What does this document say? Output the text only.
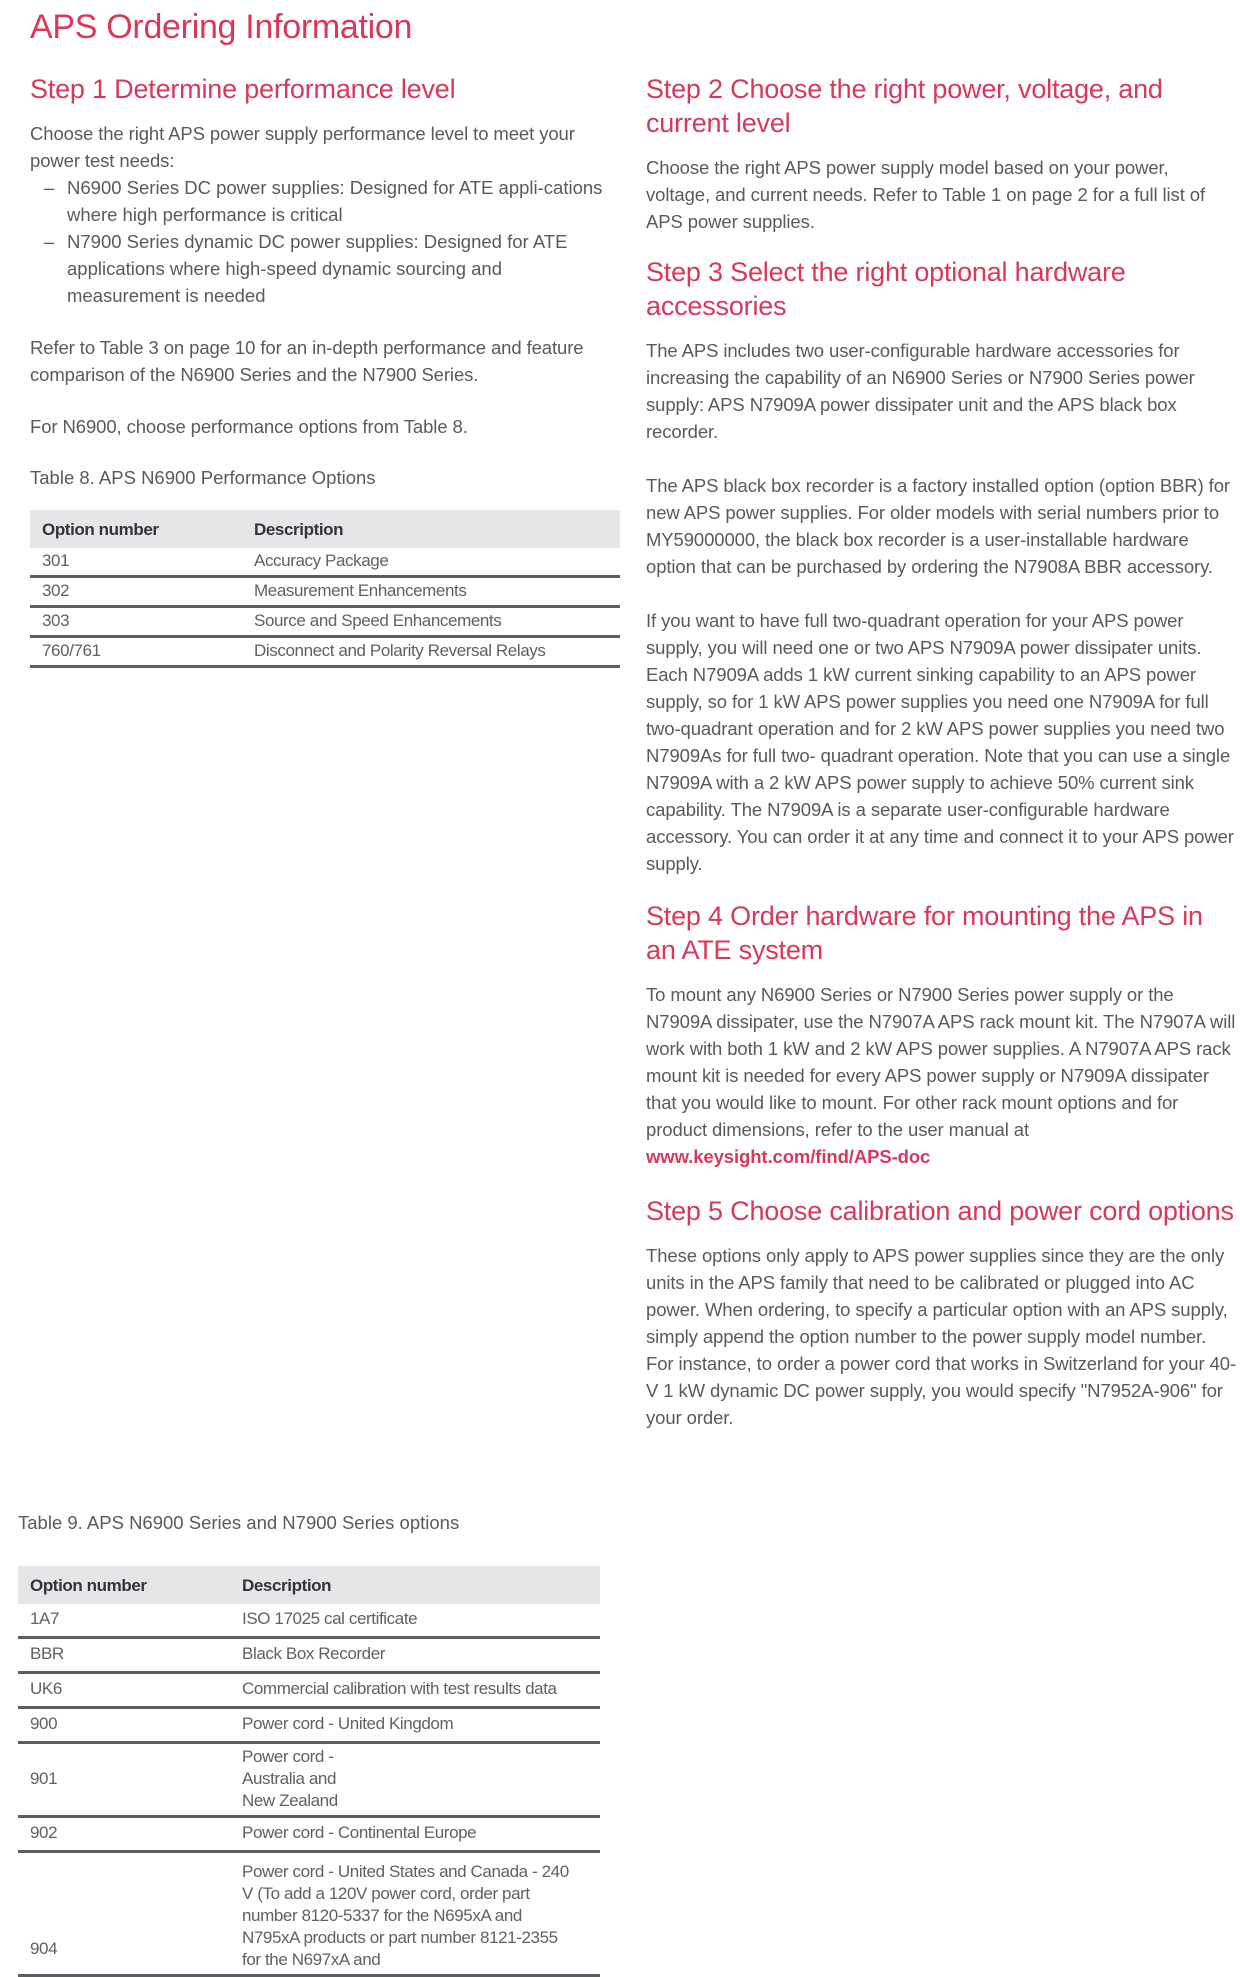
APS Ordering Information
Step 1 Determine performance level

Choose the right APS power supply performance level to meet your power test needs:

– N6900 Series DC power supplies: Designed for ATE appli-cations where high performance is critical
– N7900 Series dynamic DC power supplies: Designed for ATE applications where high-speed dynamic sourcing and measurement is needed

Refer to Table 3 on page 10 for an in-depth performance and feature comparison of the N6900 Series and the N7900 Series.

For N6900, choose performance options from Table 8.

Table 8. APS N6900 Performance Options

Option number	Description
301	Accuracy Package
302	Measurement Enhancements
303	Source and Speed Enhancements
760/761	Disconnect and Polarity Reversal Relays
Step 2 Choose the right power, voltage, and current level

Choose the right APS power supply model based on your power, voltage, and current needs. Refer to Table 1 on page 2 for a full list of APS power supplies.

Step 3 Select the right optional hardware accessories

The APS includes two user-configurable hardware accessories for increasing the capability of an N6900 Series or N7900 Series power supply: APS N7909A power dissipater unit and the APS black box recorder.

The APS black box recorder is a factory installed option (option BBR) for new APS power supplies. For older models with serial numbers prior to MY59000000, the black box recorder is a user-installable hardware option that can be purchased by ordering the N7908A BBR accessory.

If you want to have full two-quadrant operation for your APS power supply, you will need one or two APS N7909A power dissipater units. Each N7909A adds 1 kW current sinking capability to an APS power supply, so for 1 kW APS power supplies you need one N7909A for full two-quadrant operation and for 2 kW APS power supplies you need two N7909As for full two- quadrant operation. Note that you can use a single N7909A with a 2 kW APS power supply to achieve 50% current sink capability. The N7909A is a separate user-configurable hardware accessory. You can order it at any time and connect it to your APS power supply.

Step 4 Order hardware for mounting the APS in an ATE system

To mount any N6900 Series or N7900 Series power supply or the N7909A dissipater, use the N7907A APS rack mount kit. The N7907A will work with both 1 kW and 2 kW APS power supplies. A N7907A APS rack mount kit is needed for every APS power supply or N7909A dissipater that you would like to mount. For other rack mount options and for product dimensions, refer to the user manual at www.keysight.com/find/APS-doc

Step 5 Choose calibration and power cord options

These options only apply to APS power supplies since they are the only units in the APS family that need to be calibrated or plugged into AC power. When ordering, to specify a particular option with an APS supply, simply append the option number to the power supply model number. For instance, to order a power cord that works in Switzerland for your 40-V 1 kW dynamic DC power supply, you would specify "N7952A-906" for your order.

Table 9. APS N6900 Series and N7900 Series options

Option number	Description
1A7	ISO 17025 cal certificate
BBR	Black Box Recorder
UK6	Commercial calibration with test results data
900	Power cord - United Kingdom
901	Power cord - Australia and New Zealand
902	Power cord - Continental Europe
904	Power cord - United States and Canada - 240 V (To add a 120V power cord, order part number 8120-5337 for the N695xA and N795xA products or part number 8121-2355 for the N697xA and
